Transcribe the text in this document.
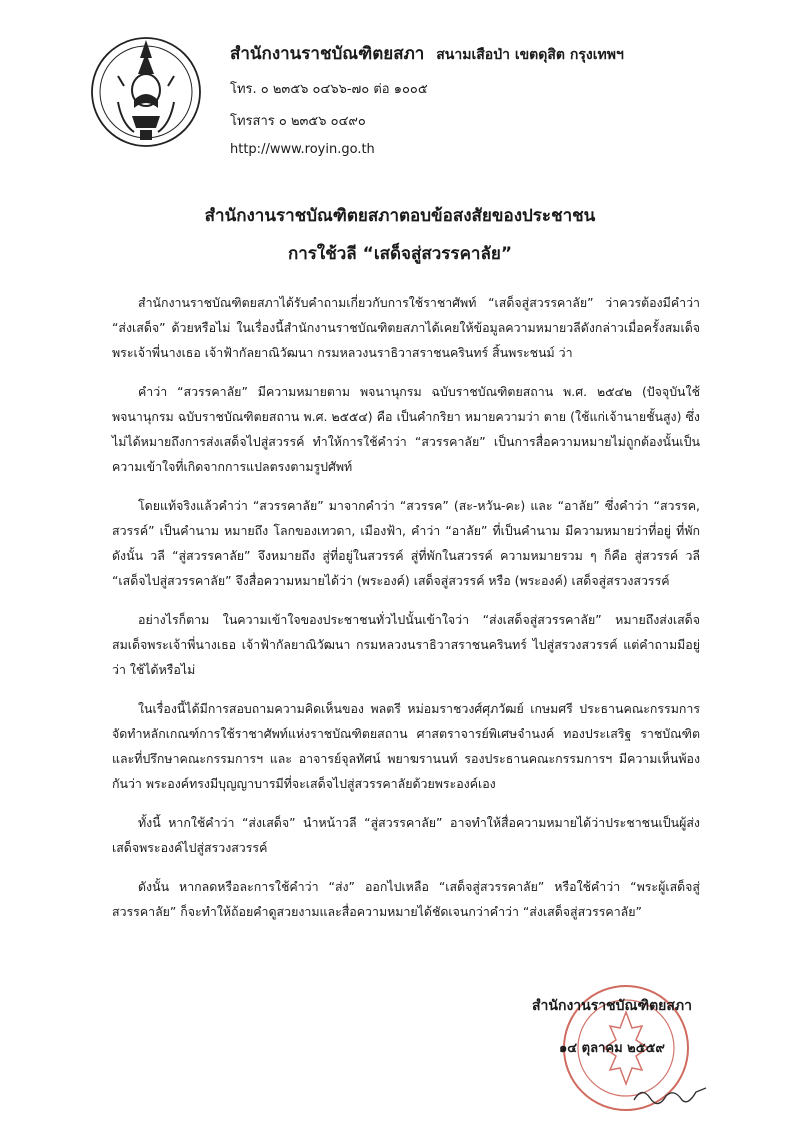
สำนักงานราชบัณฑิตยสภา สนามเสือป่า เขตดุสิต กรุงเทพฯ
โทร. ๐ ๒๓๕๖ ๐๔๖๖-๗๐ ต่อ ๑๐๐๕
โทรสาร ๐ ๒๓๕๖ ๐๔๙๐
http://www.royin.go.th
สำนักงานราชบัณฑิตยสภาตอบข้อสงสัยของประชาชน
การใช้วลี “เสด็จสู่สวรรคาลัย”

สำนักงานราชบัณฑิตยสภาได้รับคำถามเกี่ยวกับการใช้ราชาศัพท์ “เสด็จสู่สวรรคาลัย” ว่าควรต้องมีคำว่า “ส่งเสด็จ” ด้วยหรือไม่ ในเรื่องนี้สำนักงานราชบัณฑิตยสภาได้เคยให้ข้อมูลความหมายวลีดังกล่าวเมื่อครั้งสมเด็จพระเจ้าพี่นางเธอ เจ้าฟ้ากัลยาณิวัฒนา กรมหลวงนราธิวาสราชนครินทร์ สิ้นพระชนม์ ว่า

คำว่า “สวรรคาลัย” มีความหมายตาม พจนานุกรม ฉบับราชบัณฑิตยสถาน พ.ศ. ๒๕๔๒ (ปัจจุบันใช้ พจนานุกรม ฉบับราชบัณฑิตยสถาน พ.ศ. ๒๕๕๔) คือ เป็นคำกริยา หมายความว่า ตาย (ใช้แก่เจ้านายชั้นสูง) ซึ่งไม่ได้หมายถึงการส่งเสด็จไปสู่สวรรค์ ทำให้การใช้คำว่า “สวรรคาลัย” เป็นการสื่อความหมายไม่ถูกต้องนั้นเป็นความเข้าใจที่เกิดจากการแปลตรงตามรูปศัพท์

โดยแท้จริงแล้วคำว่า “สวรรคาลัย” มาจากคำว่า “สวรรค” (สะ-หวัน-คะ) และ “อาลัย” ซึ่งคำว่า “สวรรค, สวรรค์” เป็นคำนาม หมายถึง โลกของเทวดา, เมืองฟ้า, คำว่า “อาลัย” ที่เป็นคำนาม มีความหมายว่าที่อยู่ ที่พัก ดังนั้น วลี “สู่สวรรคาลัย” จึงหมายถึง สู่ที่อยู่ในสวรรค์ สู่ที่พักในสวรรค์ ความหมายรวม ๆ ก็คือ สู่สวรรค์ วลี “เสด็จไปสู่สวรรคาลัย” จึงสื่อความหมายได้ว่า (พระองค์) เสด็จสู่สวรรค์ หรือ (พระองค์) เสด็จสู่สรวงสวรรค์

อย่างไรก็ตาม ในความเข้าใจของประชาชนทั่วไปนั้นเข้าใจว่า “ส่งเสด็จสู่สวรรคาลัย” หมายถึงส่งเสด็จสมเด็จพระเจ้าพี่นางเธอ เจ้าฟ้ากัลยาณิวัฒนา กรมหลวงนราธิวาสราชนครินทร์ ไปสู่สรวงสวรรค์ แต่คำถามมีอยู่ว่า ใช้ได้หรือไม่

ในเรื่องนี้ได้มีการสอบถามความคิดเห็นของ พลตรี หม่อมราชวงศ์ศุภวัฒย์ เกษมศรี ประธานคณะกรรมการจัดทำหลักเกณฑ์การใช้ราชาศัพท์แห่งราชบัณฑิตยสถาน ศาสตราจารย์พิเศษจำนงค์ ทองประเสริฐ ราชบัณฑิต และที่ปรึกษาคณะกรรมการฯ และ อาจารย์จุลทัศน์ พยาฆรานนท์ รองประธานคณะกรรมการฯ มีความเห็นพ้องกันว่า พระองค์ทรงมีบุญญาบารมีที่จะเสด็จไปสู่สวรรคาลัยด้วยพระองค์เอง

ทั้งนี้ หากใช้คำว่า “ส่งเสด็จ” นำหน้าวลี “สู่สวรรคาลัย” อาจทำให้สื่อความหมายได้ว่าประชาชนเป็นผู้ส่งเสด็จพระองค์ไปสู่สรวงสวรรค์

ดังนั้น หากลดหรือละการใช้คำว่า “ส่ง” ออกไปเหลือ “เสด็จสู่สวรรคาลัย” หรือใช้คำว่า “พระผู้เสด็จสู่สวรรคาลัย” ก็จะทำให้ถ้อยคำดูสวยงามและสื่อความหมายได้ชัดเจนกว่าคำว่า “ส่งเสด็จสู่สวรรคาลัย”

สำนักงานราชบัณฑิตยสภา
๑๔ ตุลาคม ๒๕๕๙
